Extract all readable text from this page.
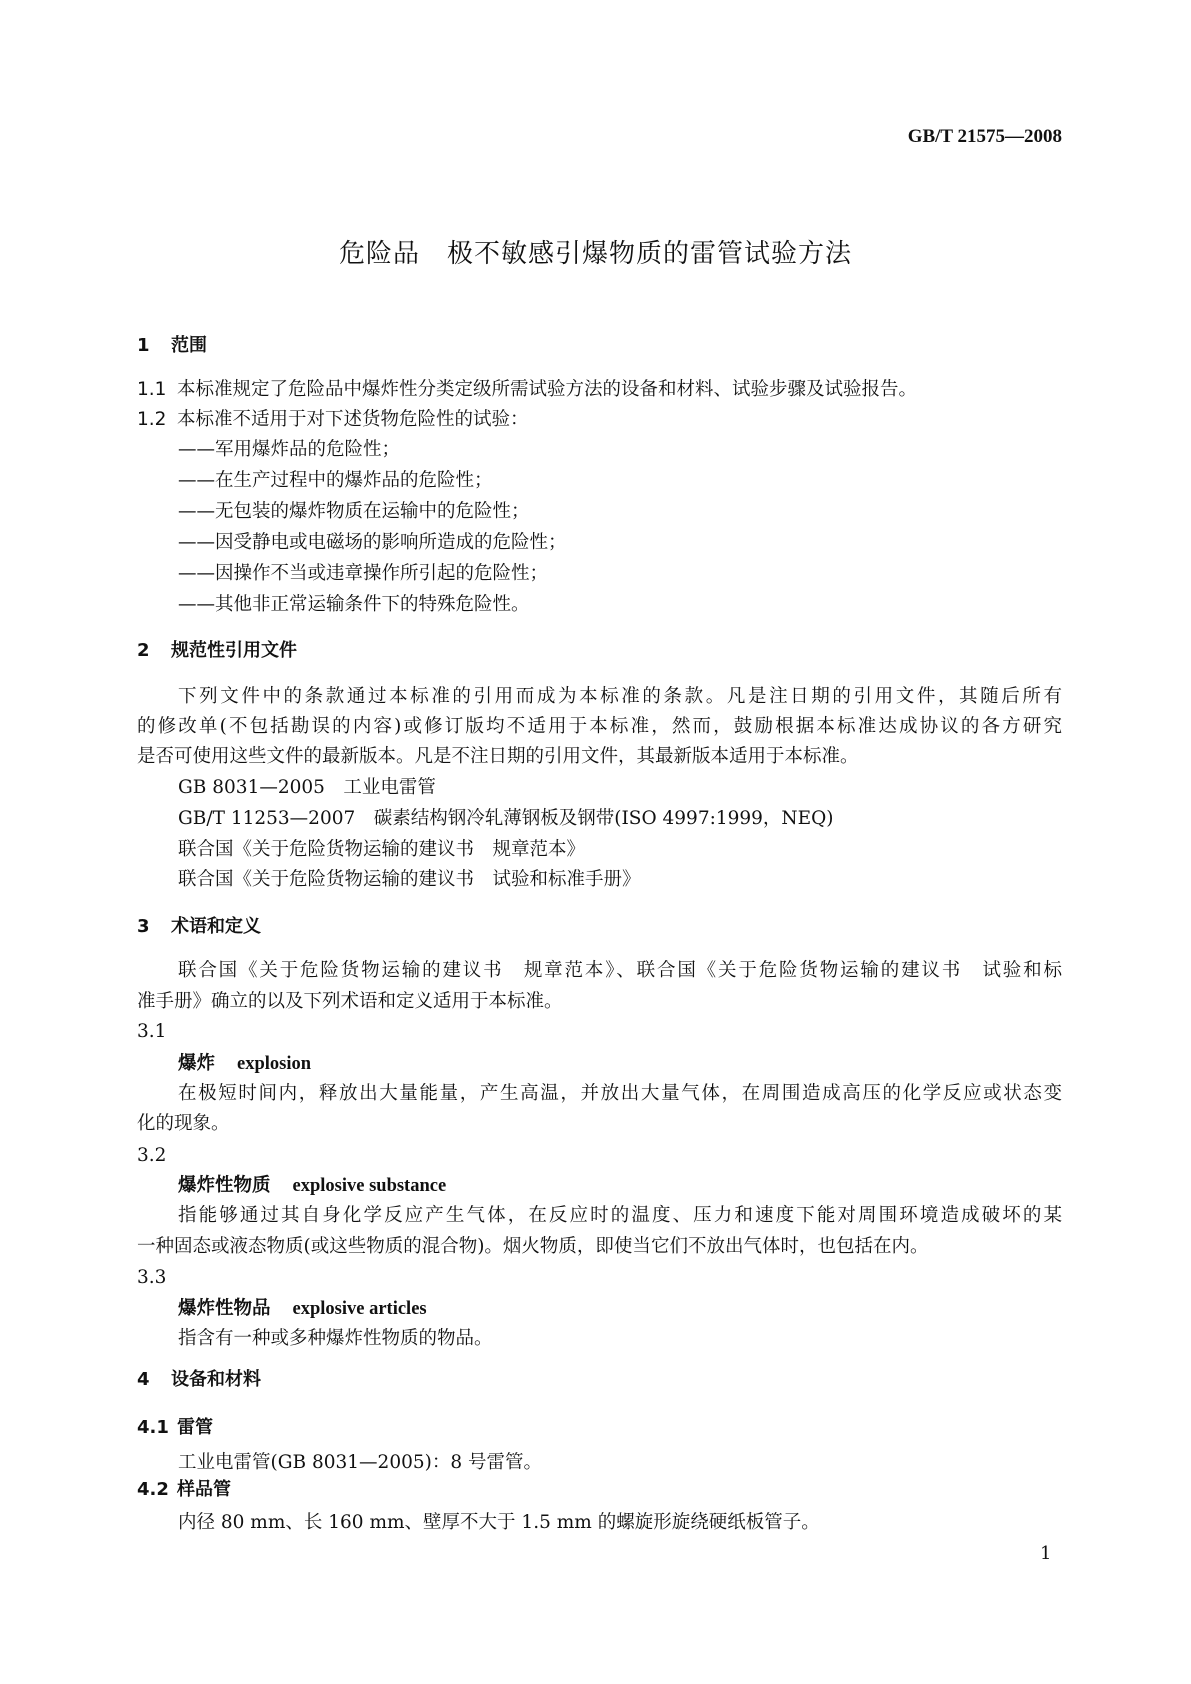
GB/T 21575—2008
危险品　极不敏感引爆物质的雷管试验方法
1 范围
1.1 本标准规定了危险品中爆炸性分类定级所需试验方法的设备和材料、试验步骤及试验报告。
1.2 本标准不适用于对下述货物危险性的试验：
——军用爆炸品的危险性；
——在生产过程中的爆炸品的危险性；
——无包装的爆炸物质在运输中的危险性；
——因受静电或电磁场的影响所造成的危险性；
——因操作不当或违章操作所引起的危险性；
——其他非正常运输条件下的特殊危险性。
2 规范性引用文件
下列文件中的条款通过本标准的引用而成为本标准的条款。凡是注日期的引用文件，其随后所有
的修改单(不包括勘误的内容)或修订版均不适用于本标准，然而，鼓励根据本标准达成协议的各方研究
是否可使用这些文件的最新版本。凡是不注日期的引用文件，其最新版本适用于本标准。
GB 8031—2005　工业电雷管
GB/T 11253—2007　碳素结构钢冷轧薄钢板及钢带(ISO 4997:1999，NEQ)
联合国《关于危险货物运输的建议书　规章范本》
联合国《关于危险货物运输的建议书　试验和标准手册》
3 术语和定义
联合国《关于危险货物运输的建议书　规章范本》、联合国《关于危险货物运输的建议书　试验和标
准手册》确立的以及下列术语和定义适用于本标准。
3.1
爆炸 explosion
在极短时间内，释放出大量能量，产生高温，并放出大量气体，在周围造成高压的化学反应或状态变
化的现象。
3.2
爆炸性物质 explosive substance
指能够通过其自身化学反应产生气体，在反应时的温度、压力和速度下能对周围环境造成破坏的某
一种固态或液态物质(或这些物质的混合物)。烟火物质，即使当它们不放出气体时，也包括在内。
3.3
爆炸性物品 explosive articles
指含有一种或多种爆炸性物质的物品。
4 设备和材料
4.1 雷管
工业电雷管(GB 8031—2005)：8 号雷管。
4.2 样品管
内径 80 mm、长 160 mm、壁厚不大于 1.5 mm 的螺旋形旋绕硬纸板管子。
1
